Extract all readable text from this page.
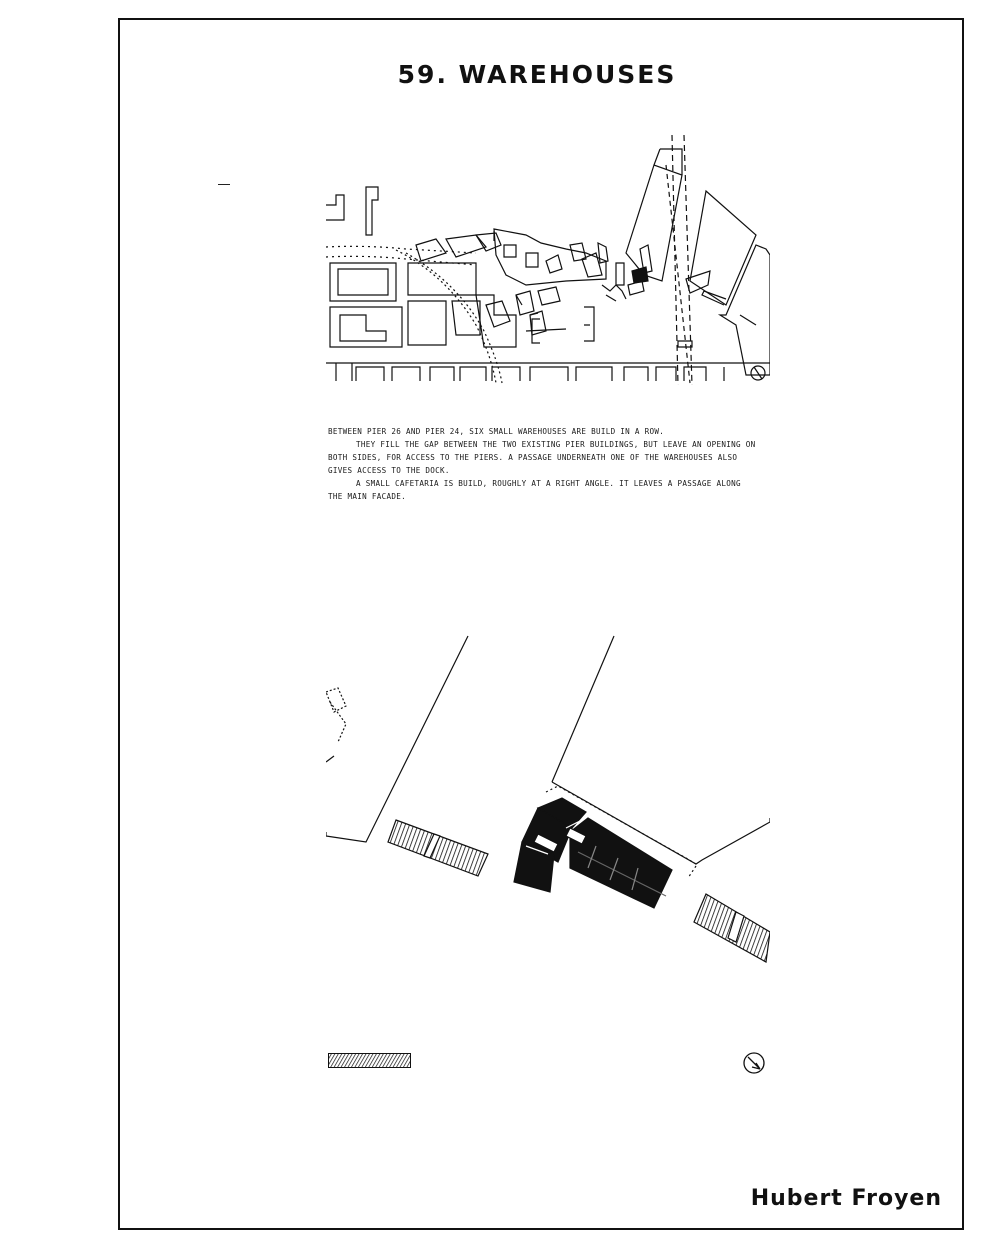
59. WAREHOUSES

BETWEEN PIER 26 AND PIER 24, SIX SMALL WAREHOUSES ARE BUILD IN A ROW.

THEY FILL THE GAP BETWEEN THE TWO EXISTING PIER BUILDINGS, BUT LEAVE AN OPENING ON BOTH SIDES, FOR ACCESS TO THE PIERS. A PASSAGE UNDERNEATH ONE OF THE WAREHOUSES ALSO GIVES ACCESS TO THE DOCK.

A SMALL CAFETARIA IS BUILD, ROUGHLY AT A RIGHT ANGLE. IT LEAVES A PASSAGE ALONG THE MAIN FACADE.

Hubert Froyen
